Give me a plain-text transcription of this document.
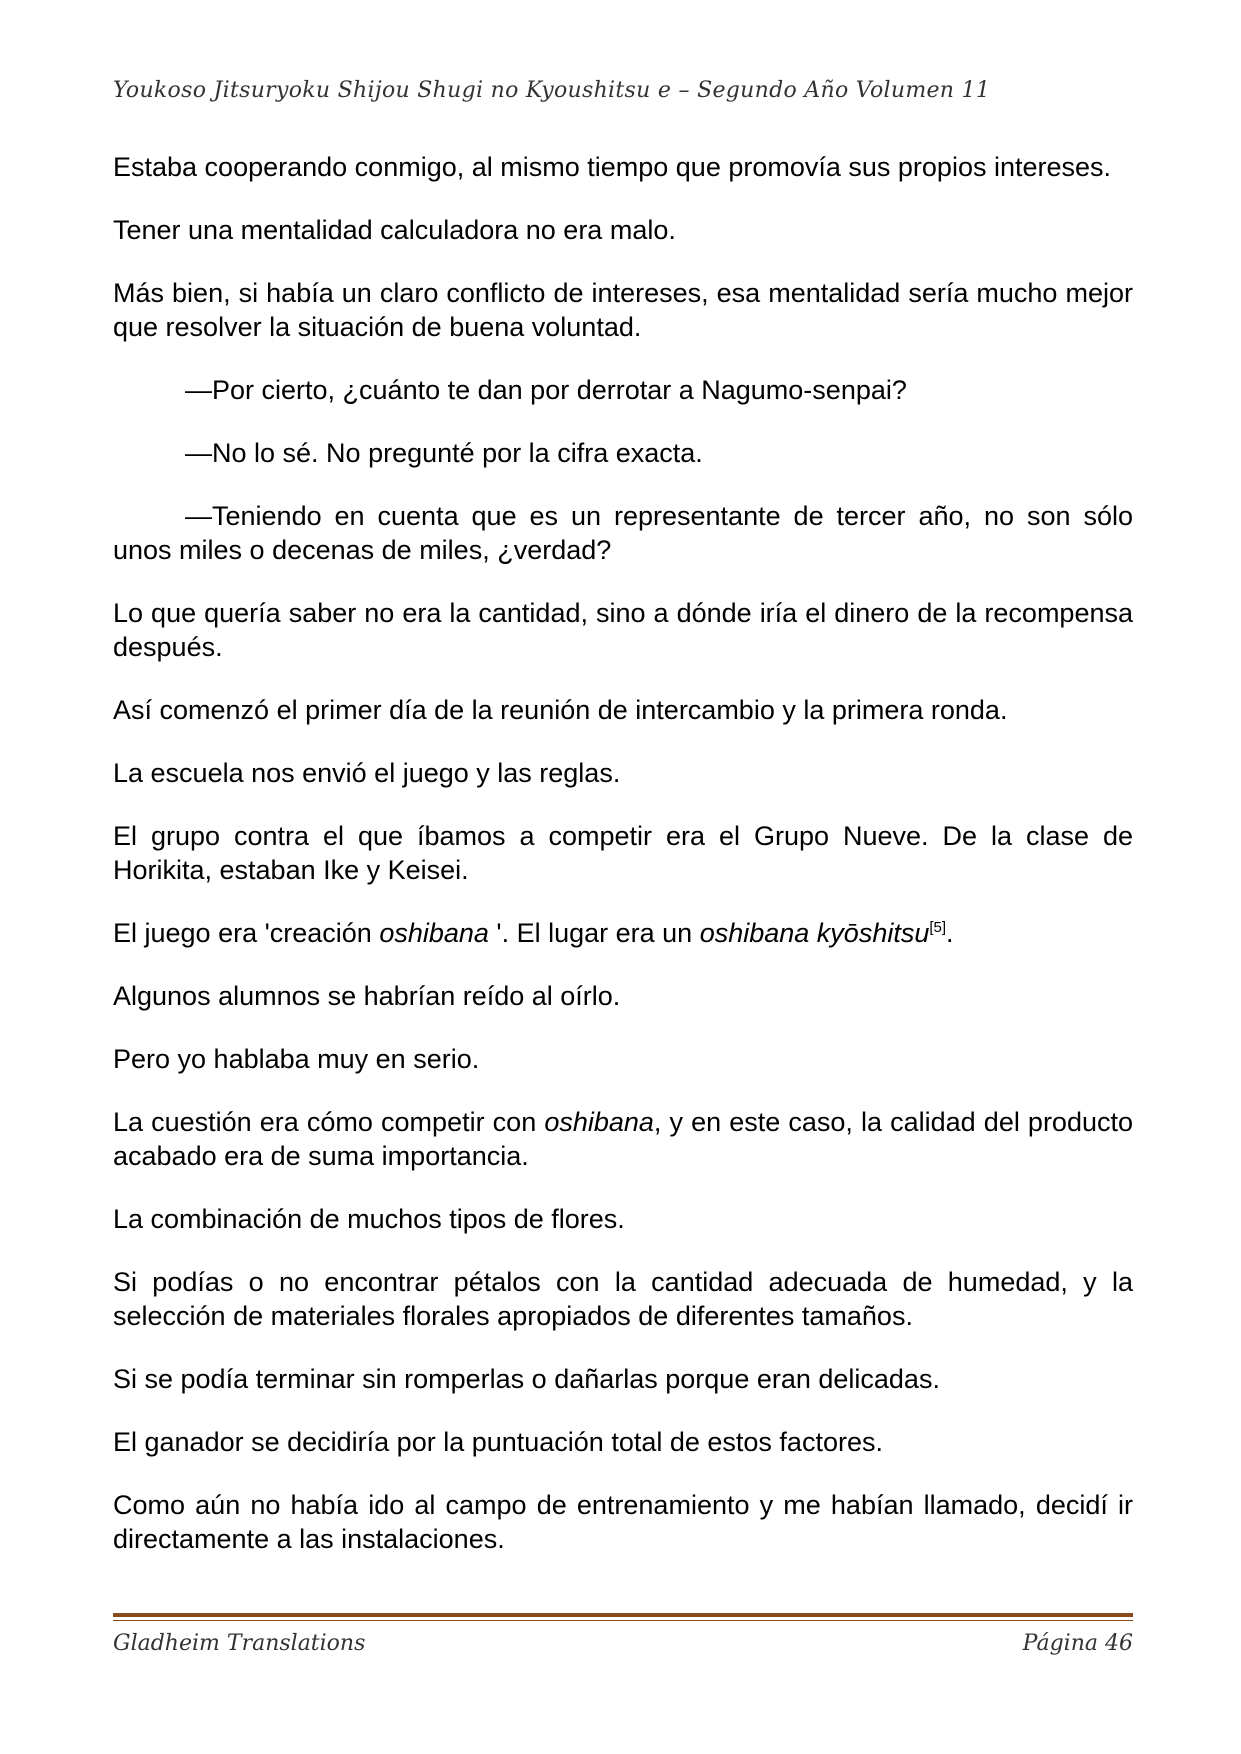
Youkoso Jitsuryoku Shijou Shugi no Kyoushitsu e – Segundo Año Volumen 11

Estaba cooperando conmigo, al mismo tiempo que promovía sus propios intereses.

Tener una mentalidad calculadora no era malo.

Más bien, si había un claro conflicto de intereses, esa mentalidad sería mucho mejor que resolver la situación de buena voluntad.

—Por cierto, ¿cuánto te dan por derrotar a Nagumo-senpai?

—No lo sé. No pregunté por la cifra exacta.

—Teniendo en cuenta que es un representante de tercer año, no son sólo unos miles o decenas de miles, ¿verdad?

Lo que quería saber no era la cantidad, sino a dónde iría el dinero de la recompensa después.

Así comenzó el primer día de la reunión de intercambio y la primera ronda.

La escuela nos envió el juego y las reglas.

El grupo contra el que íbamos a competir era el Grupo Nueve. De la clase de Horikita, estaban Ike y Keisei.

El juego era 'creación oshibana '. El lugar era un oshibana kyōshitsu[5].

Algunos alumnos se habrían reído al oírlo.

Pero yo hablaba muy en serio.

La cuestión era cómo competir con oshibana, y en este caso, la calidad del producto acabado era de suma importancia.

La combinación de muchos tipos de flores.

Si podías o no encontrar pétalos con la cantidad adecuada de humedad, y la selección de materiales florales apropiados de diferentes tamaños.

Si se podía terminar sin romperlas o dañarlas porque eran delicadas.

El ganador se decidiría por la puntuación total de estos factores.

Como aún no había ido al campo de entrenamiento y me habían llamado, decidí ir directamente a las instalaciones.

Gladheim Translations	Página 46
